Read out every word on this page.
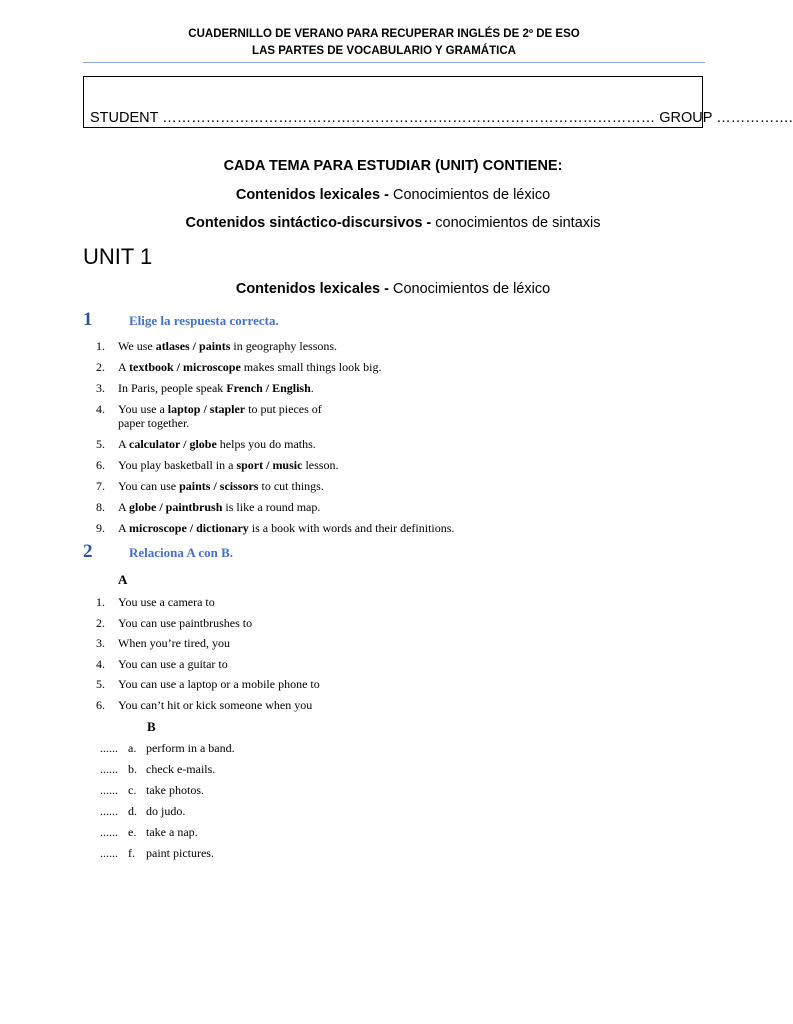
CUADERNILLO DE VERANO PARA RECUPERAR INGLÉS DE 2º DE ESO
LAS PARTES DE VOCABULARIO Y GRAMÁTICA
STUDENT ………………………………………………………………………………………… GROUP …………….
CADA TEMA PARA ESTUDIAR (UNIT) CONTIENE:
Contenidos lexicales - Conocimientos de léxico
Contenidos sintáctico-discursivos - conocimientos de sintaxis
UNIT 1
Contenidos lexicales - Conocimientos de léxico
1	Elige la respuesta correcta.
1.	We use atlases / paints in geography lessons.
2.	A textbook / microscope makes small things look big.
3.	In Paris, people speak French / English.
4.	You use a laptop / stapler to put pieces of
paper together.
5.	A calculator / globe helps you do maths.
6.	You play basketball in a sport / music lesson.
7.	You can use paints / scissors to cut things.
8.	A globe / paintbrush is like a round map.
9.	A microscope / dictionary is a book with words and their definitions.
2	Relaciona A con B.
A
1.	You use a camera to
2.	You can use paintbrushes to
3.	When you’re tired, you
4.	You can use a guitar to
5.	You can use a laptop or a mobile phone to
6.	You can’t hit or kick someone when you
B
...... a. perform in a band.
...... b. check e-mails.
...... c. take photos.
...... d. do judo.
...... e. take a nap.
...... f. paint pictures.
